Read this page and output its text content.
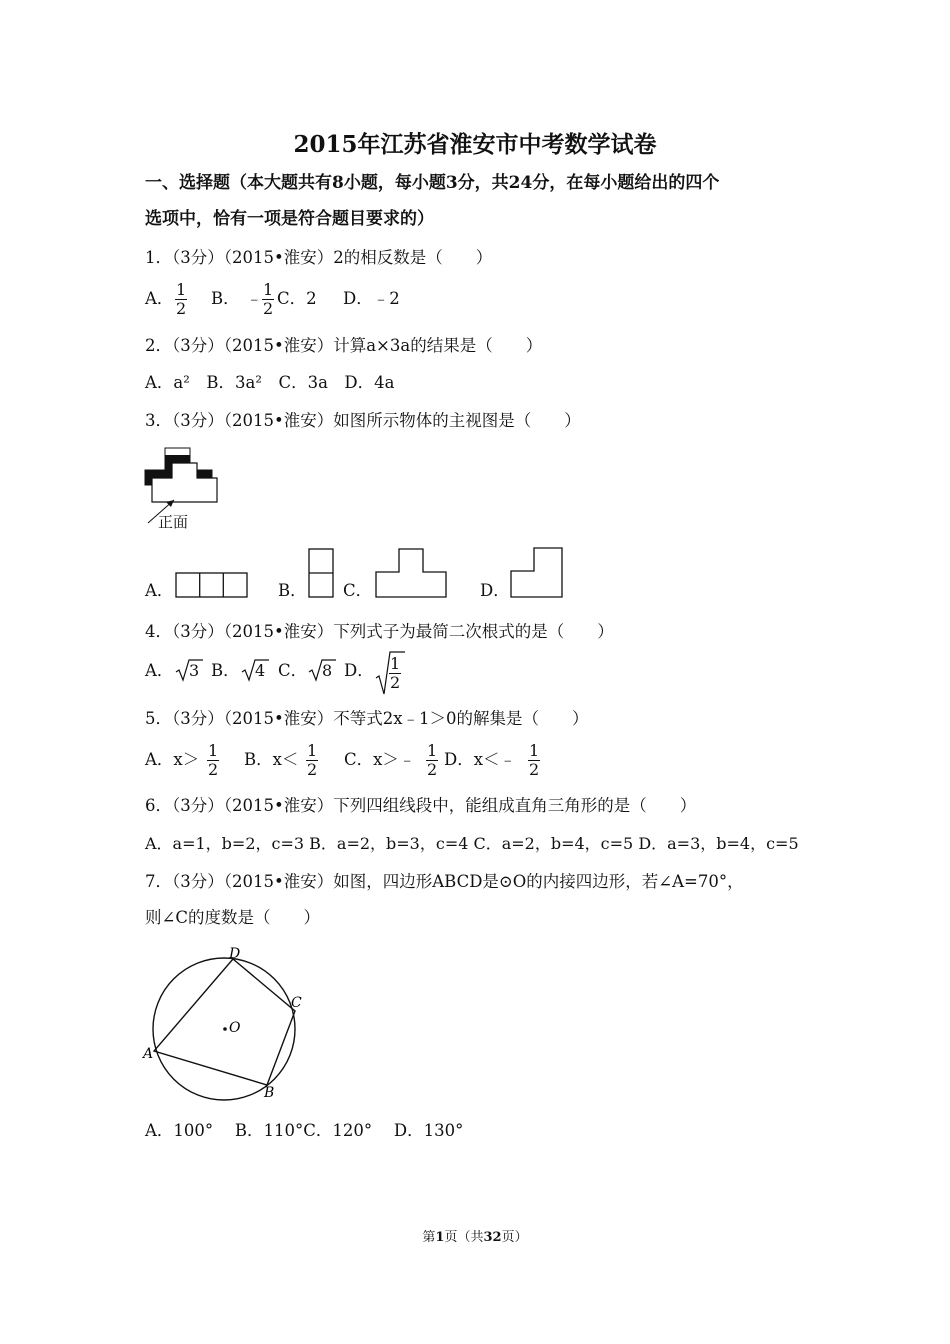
2015年江苏省淮安市中考数学试卷
一、选择题（本大题共有8小题，每小题3分，共24分，在每小题给出的四个
选项中，恰有一项是符合题目要求的）
1．（3分）（2015•淮安）2的相反数是（　　）
A． $\frac{1}{2}$ B． ﹣ $\frac{1}{2}$ C．2 D．﹣2
2．（3分）（2015•淮安）计算a×3a的结果是（　　）
A．a²　B．3a²　C．3a　D．4a
3．（3分）（2015•淮安）如图所示物体的主视图是（　　）
正面
A．	B． C．	D．
4．（3分）（2015•淮安）下列式子为最简二次根式的是（　　）
A． 3 B． 4 C． 8 D． $\frac{1}{2}$
5．（3分）（2015•淮安）不等式2x﹣1＞0的解集是（　　）
A．$x> \frac{1}{2}$ B．$x< \frac{1}{2}$ C．x＞﹣ $\frac{1}{2}$ D．x＜﹣ $\frac{1}{2}$
6．（3分）（2015•淮安）下列四组线段中，能组成直角三角形的是（　　）
A．a=1，b=2，c=3 B．a=2，b=3，c=4 C．a=2，b=4，c=5 D．a=3，b=4，c=5
7．（3分）（2015•淮安）如图，四边形ABCD是⊙O的内接四边形，若∠A=70°，
则∠C的度数是（　　）
D
C
B
A
O
A．100°　 B．110°C．120°　 D．130°
第1页（共32页）
